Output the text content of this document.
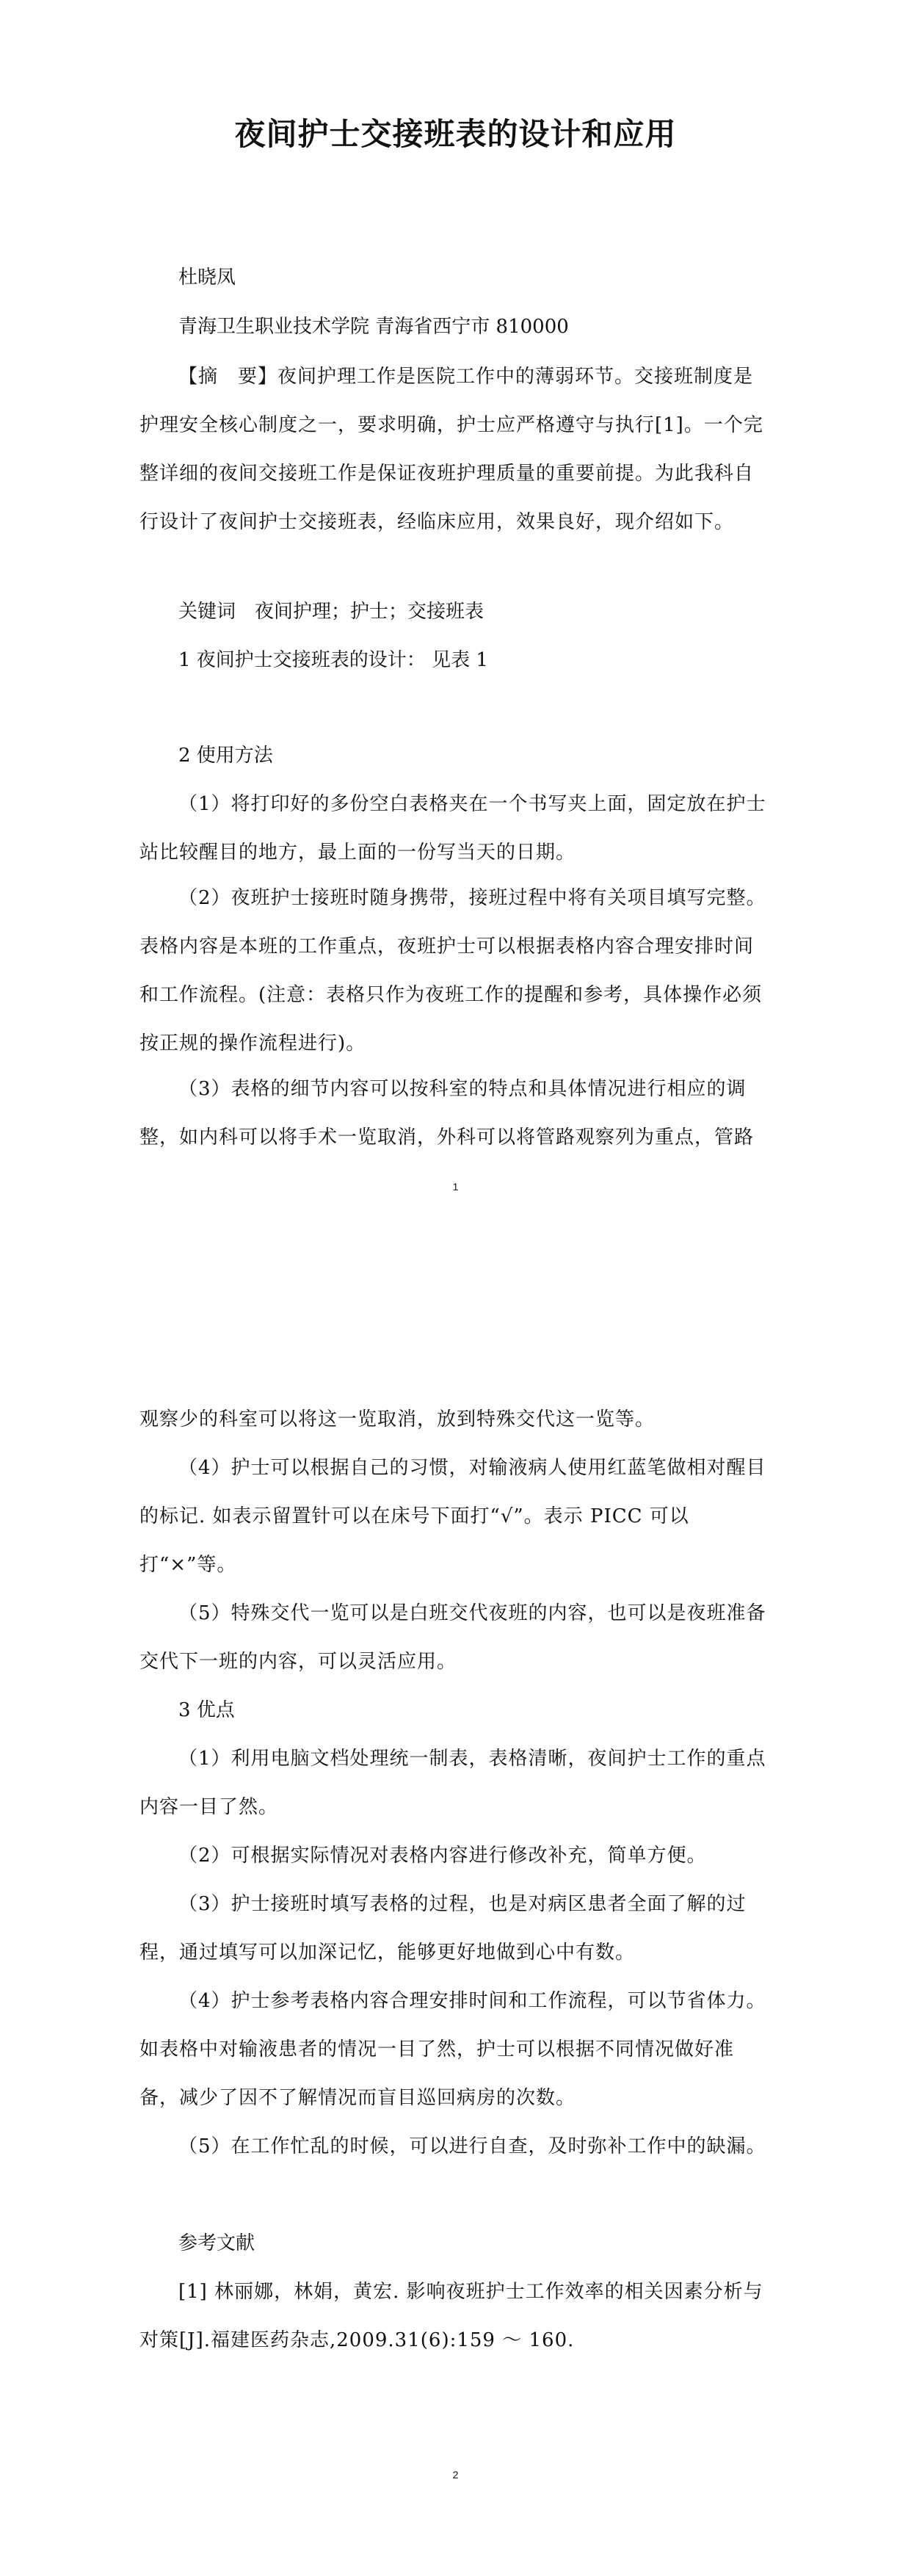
夜间护士交接班表的设计和应用
杜晓凤
青海卫生职业技术学院 青海省西宁市 810000
【摘　要】夜间护理工作是医院工作中的薄弱环节。交接班制度是护理安全核心制度之一，要求明确，护士应严格遵守与执行[1]。一个完整详细的夜间交接班工作是保证夜班护理质量的重要前提。为此我科自行设计了夜间护士交接班表，经临床应用，效果良好，现介绍如下。
关键词　夜间护理；护士；交接班表
1 夜间护士交接班表的设计： 见表 1
2 使用方法
（1）将打印好的多份空白表格夹在一个书写夹上面，固定放在护士站比较醒目的地方，最上面的一份写当天的日期。
（2）夜班护士接班时随身携带，接班过程中将有关项目填写完整。表格内容是本班的工作重点，夜班护士可以根据表格内容合理安排时间和工作流程。(注意：表格只作为夜班工作的提醒和参考，具体操作必须按正规的操作流程进行)。
（3）表格的细节内容可以按科室的特点和具体情况进行相应的调整，如内科可以将手术一览取消，外科可以将管路观察列为重点，管路
1
观察少的科室可以将这一览取消，放到特殊交代这一览等。
（4）护士可以根据自己的习惯，对输液病人使用红蓝笔做相对醒目的标记. 如表示留置针可以在床号下面打“√”。表示 PICC 可以打“×”等。
（5）特殊交代一览可以是白班交代夜班的内容，也可以是夜班准备交代下一班的内容，可以灵活应用。
3 优点
（1）利用电脑文档处理统一制表，表格清晰，夜间护士工作的重点内容一目了然。
（2）可根据实际情况对表格内容进行修改补充，简单方便。
（3）护士接班时填写表格的过程，也是对病区患者全面了解的过程，通过填写可以加深记忆，能够更好地做到心中有数。
（4）护士参考表格内容合理安排时间和工作流程，可以节省体力。如表格中对输液患者的情况一目了然，护士可以根据不同情况做好准备，减少了因不了解情况而盲目巡回病房的次数。
（5）在工作忙乱的时候，可以进行自查，及时弥补工作中的缺漏。
参考文献
[1] 林丽娜，林娟，黄宏. 影响夜班护士工作效率的相关因素分析与对策[J].福建医药杂志,2009.31(6):159 ～ 160.
2
